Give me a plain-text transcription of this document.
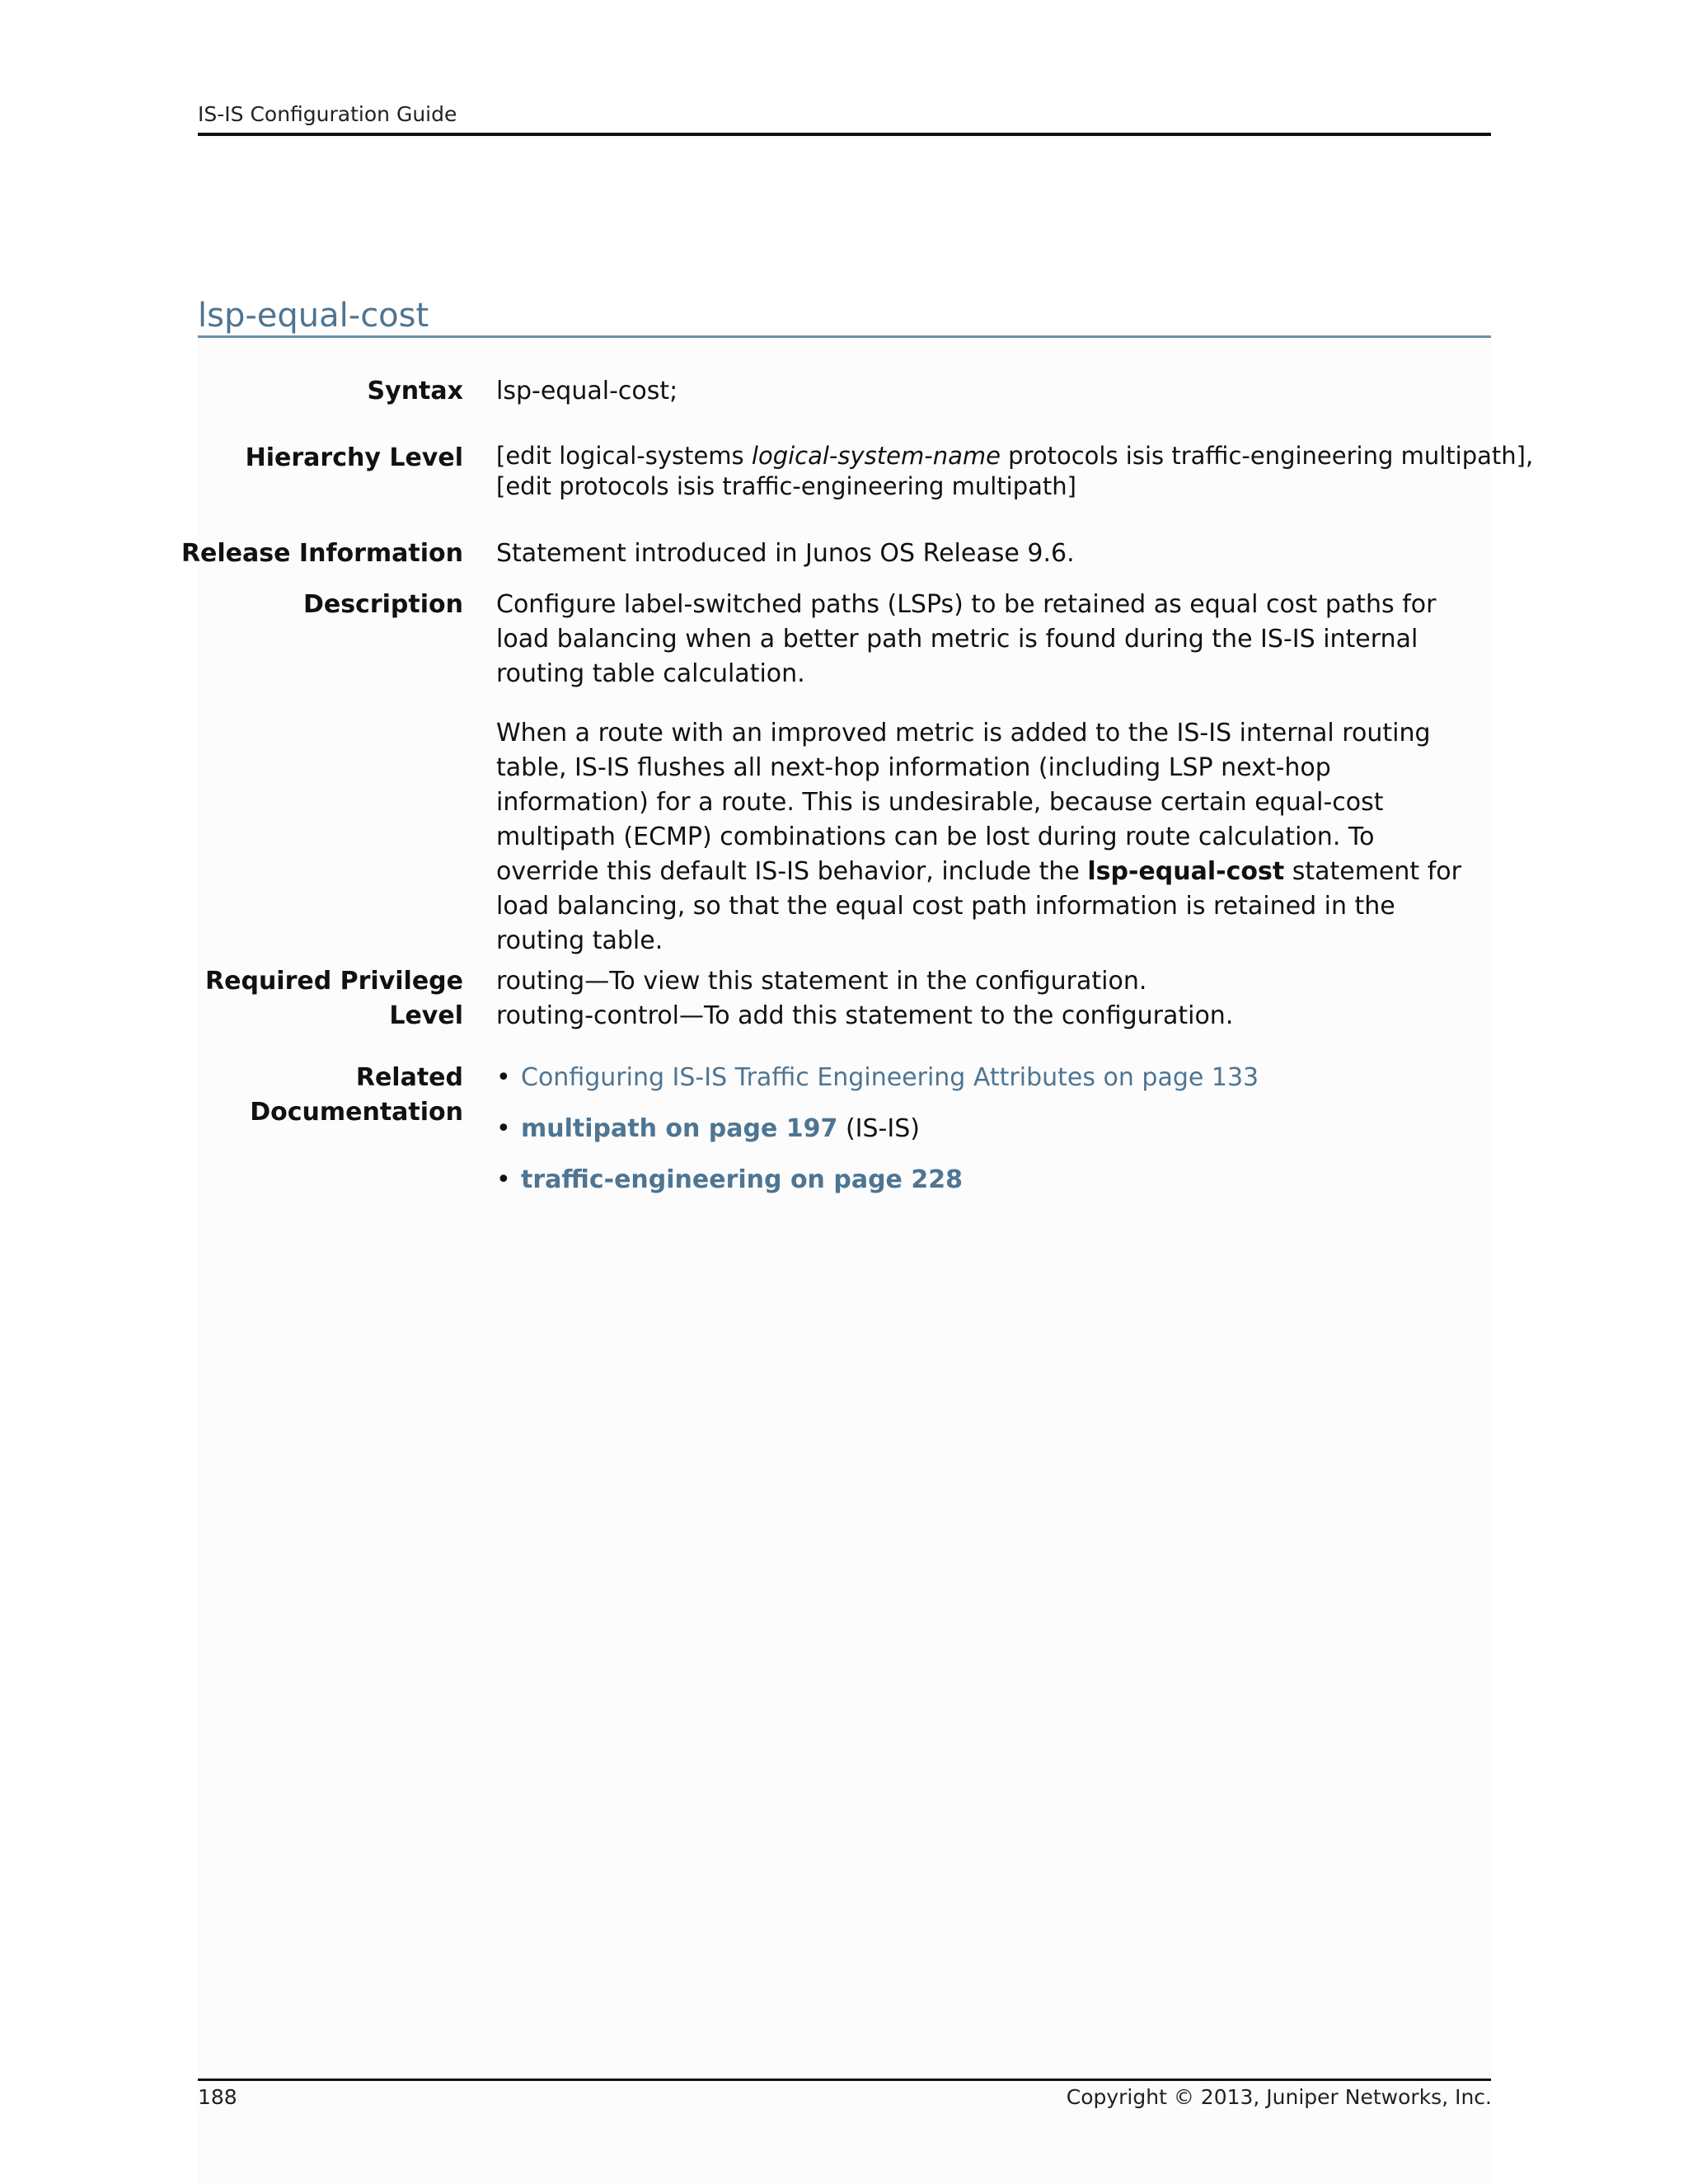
IS-IS Configuration Guide
lsp-equal-cost
Syntax lsp-equal-cost;
Hierarchy Level [edit logical-systems logical-system-name protocols isis traffic-engineering multipath],
[edit protocols isis traffic-engineering multipath]
Release Information Statement introduced in Junos OS Release 9.6.
Description Configure label-switched paths (LSPs) to be retained as equal cost paths for load balancing when a better path metric is found during the IS-IS internal routing table calculation.

When a route with an improved metric is added to the IS-IS internal routing table, IS-IS flushes all next-hop information (including LSP next-hop information) for a route. This is undesirable, because certain equal-cost multipath (ECMP) combinations can be lost during route calculation. To override this default IS-IS behavior, include the lsp-equal-cost statement for load balancing, so that the equal cost path information is retained in the routing table.

Required Privilege
Level
routing—To view this statement in the configuration.
routing-control—To add this statement to the configuration.
Related
Documentation
• Configuring IS-IS Traffic Engineering Attributes on page 133
• multipath on page 197 (IS-IS)
• traffic-engineering on page 228
188	Copyright © 2013, Juniper Networks, Inc.
